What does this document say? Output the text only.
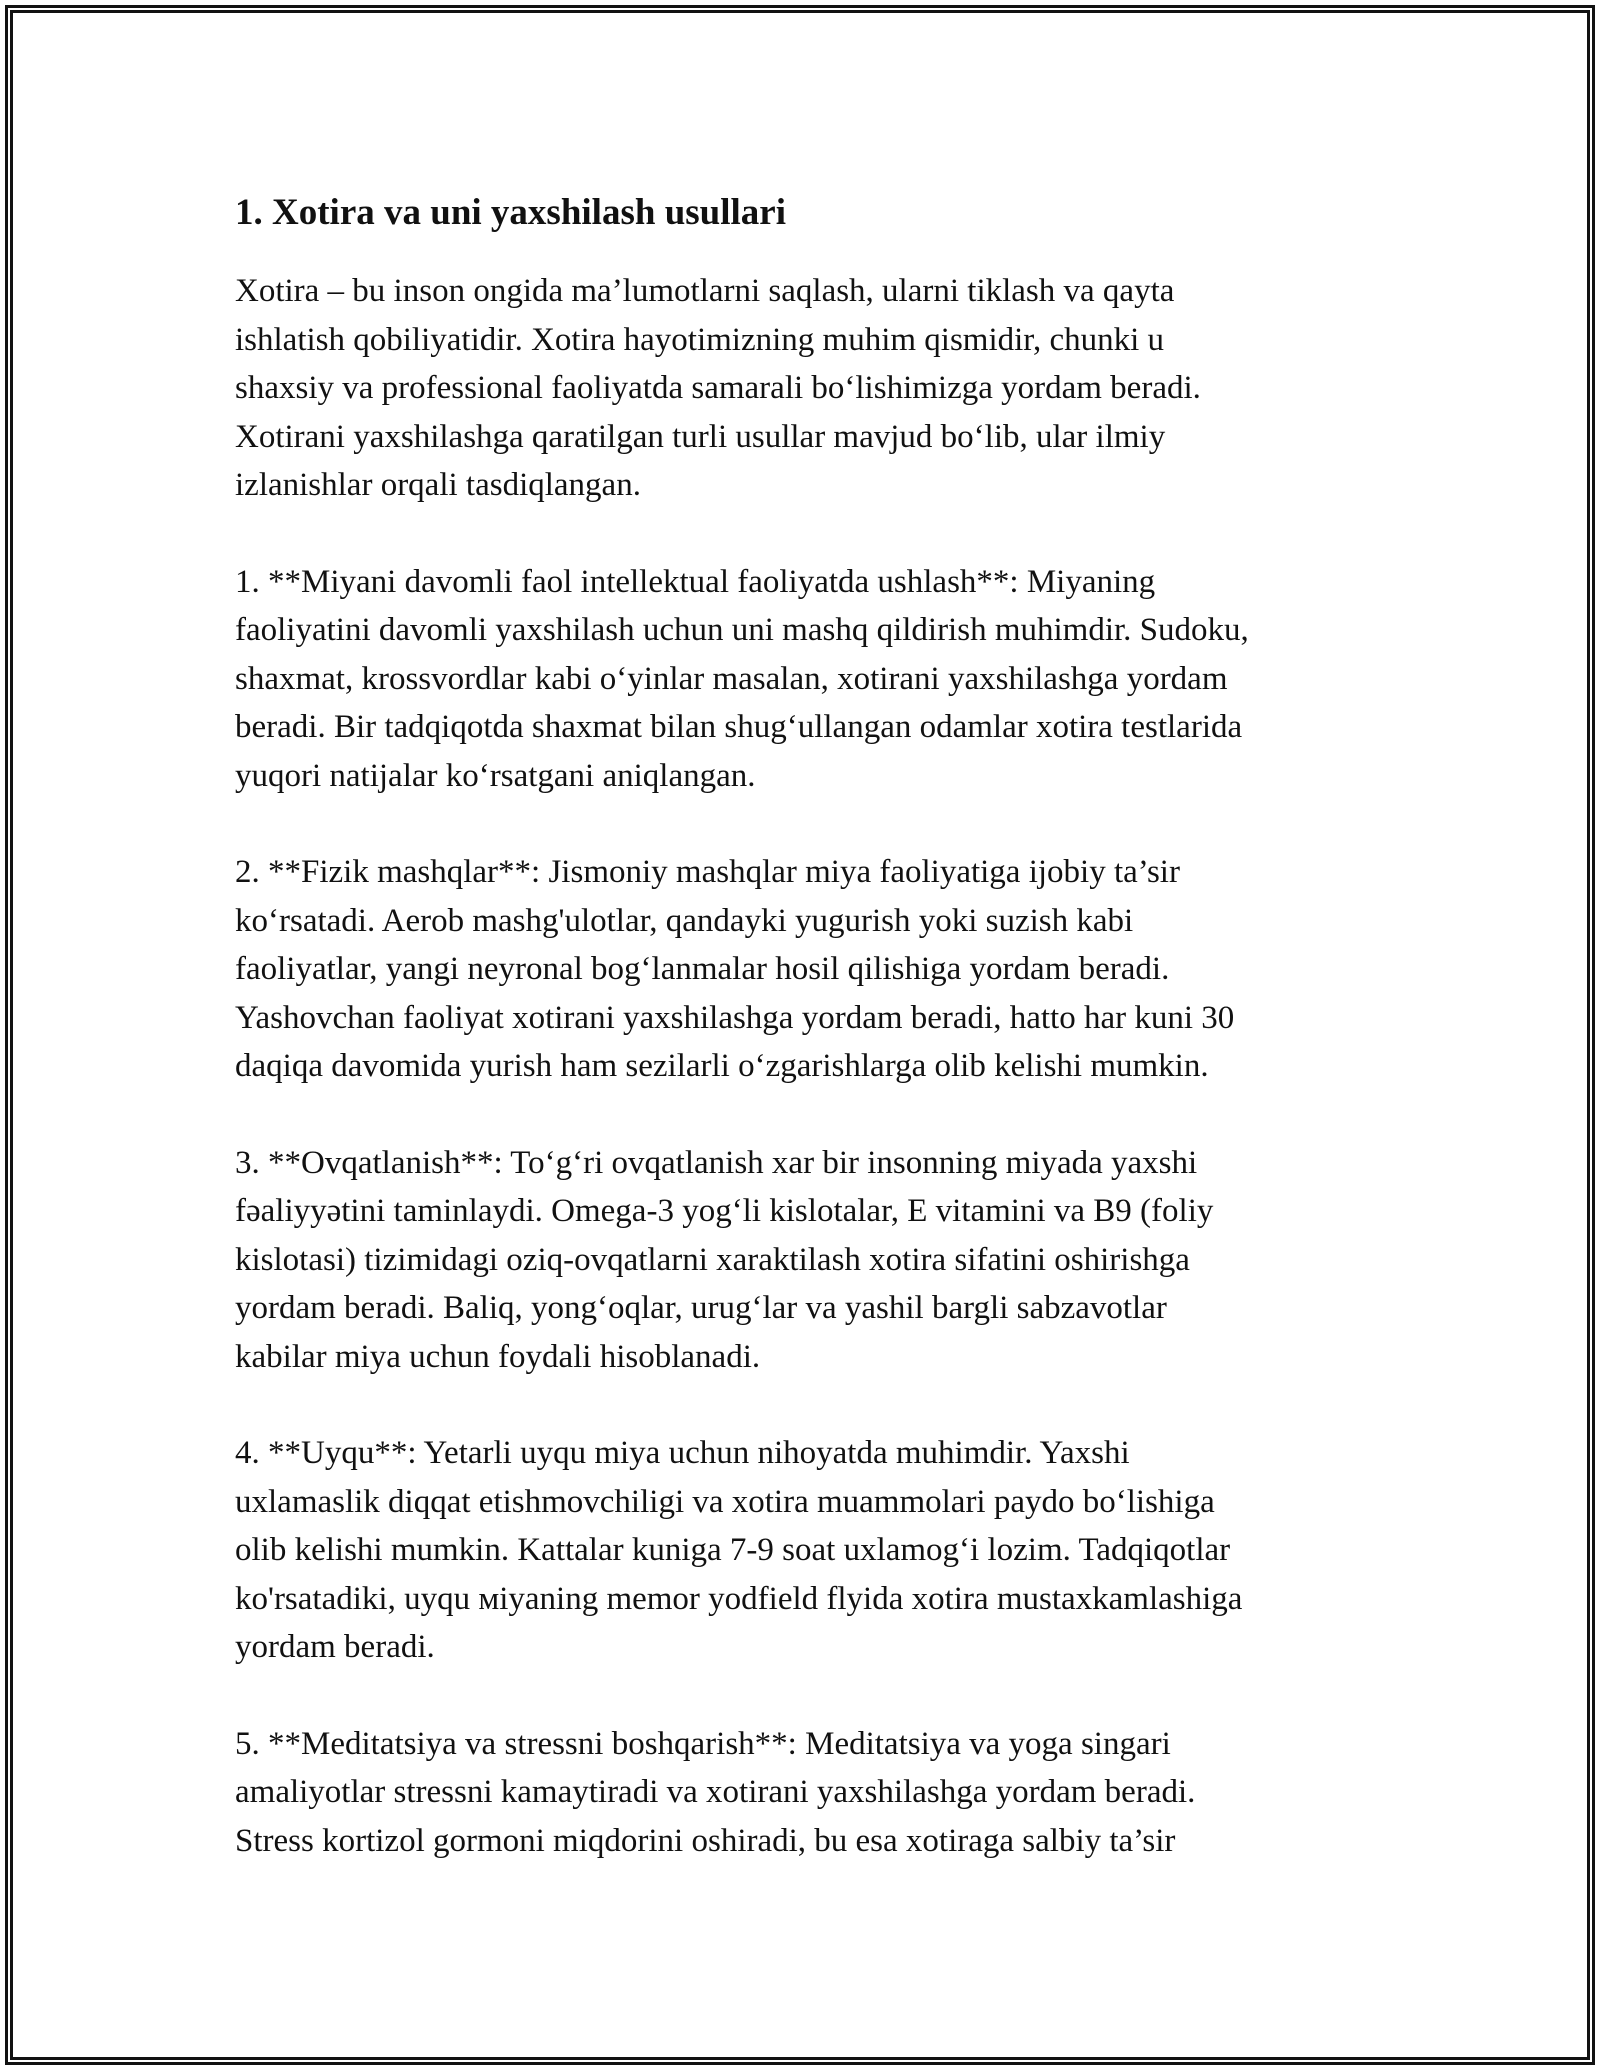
1. Xotira va uni yaxshilash usullari

Xotira – bu inson ongida ma’lumotlarni saqlash, ularni tiklash va qayta
ishlatish qobiliyatidir. Xotira hayotimizning muhim qismidir, chunki u
shaxsiy va professional faoliyatda samarali bo‘lishimizga yordam beradi.
Xotirani yaxshilashga qaratilgan turli usullar mavjud bo‘lib, ular ilmiy
izlanishlar orqali tasdiqlangan.

1. **Miyani davomli faol intellektual faoliyatda ushlash**: Miyaning
faoliyatini davomli yaxshilash uchun uni mashq qildirish muhimdir. Sudoku,
shaxmat, krossvordlar kabi o‘yinlar masalan, xotirani yaxshilashga yordam
beradi. Bir tadqiqotda shaxmat bilan shug‘ullangan odamlar xotira testlarida
yuqori natijalar ko‘rsatgani aniqlangan.

2. **Fizik mashqlar**: Jismoniy mashqlar miya faoliyatiga ijobiy ta’sir
ko‘rsatadi. Aerob mashg'ulotlar, qandayki yugurish yoki suzish kabi
faoliyatlar, yangi neyronal bog‘lanmalar hosil qilishiga yordam beradi.
Yashovchan faoliyat xotirani yaxshilashga yordam beradi, hatto har kuni 30
daqiqa davomida yurish ham sezilarli o‘zgarishlarga olib kelishi mumkin.

3. **Ovqatlanish**: To‘g‘ri ovqatlanish xar bir insonning miyada yaxshi
fəaliyyətini taminlaydi. Omega-3 yog‘li kislotalar, E vitamini va B9 (foliy
kislotasi) tizimidagi oziq-ovqatlarni xaraktilash xotira sifatini oshirishga
yordam beradi. Baliq, yong‘oqlar, urug‘lar va yashil bargli sabzavotlar
kabilar miya uchun foydali hisoblanadi.

4. **Uyqu**: Yetarli uyqu miya uchun nihoyatda muhimdir. Yaxshi
uxlamaslik diqqat etishmovchiligi va xotira muammolari paydo bo‘lishiga
olib kelishi mumkin. Kattalar kuniga 7-9 soat uxlamog‘i lozim. Tadqiqotlar
ko'rsatadiki, uyqu мiyaning memor yodfield flyida xotira mustaxkamlashiga
yordam beradi.

5. **Meditatsiya va stressni boshqarish**: Meditatsiya va yoga singari
amaliyotlar stressni kamaytiradi va xotirani yaxshilashga yordam beradi.
Stress kortizol gormoni miqdorini oshiradi, bu esa xotiraga salbiy ta’sir
